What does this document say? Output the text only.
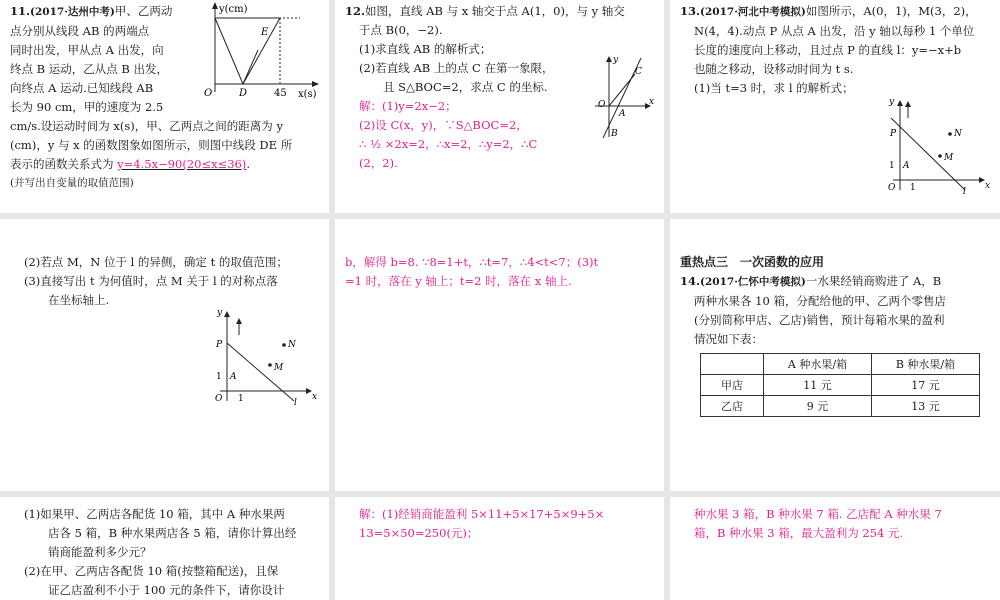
11.(2017·达州中考)甲、乙两动
点分别从线段 AB 的两端点
同时出发，甲从点 A 出发，向
终点 B 运动，乙从点 B 出发，
向终点 A 运动.已知线段 AB
长为 90 cm，甲的速度为 2.5
cm/s.设运动时间为 x(s)，甲、乙两点之间的距离为 y
(cm)，y 与 x 的函数图象如图所示，则图中线段 DE 所
表示的函数关系式为 y=4.5x−90(20≤x≤36).
(并写出自变量的取值范围)
y(cm)
x(s)
O	D
E
45
12.如图，直线 AB 与 x 轴交于点 A(1，0)，与 y 轴交
于点 B(0，−2).
(1)求直线 AB 的解析式；
(2)若直线 AB 上的点 C 在第一象限，
且 S△BOC=2，求点 C 的坐标.
解：(1)y=2x−2；
(2)设 C(x，y)，∵S△BOC=2，
∴ ½ ×2x=2，∴x=2，∴y=2，∴C
(2，2).
y
x
O
A
B
C
13.(2017·河北中考模拟)如图所示，A(0，1)，M(3，2)，
N(4，4).动点 P 从点 A 出发，沿 y 轴以每秒 1 个单位
长度的速度向上移动，且过点 P 的直线 l：y=−x+b
也随之移动，设移动时间为 t s.
(1)当 t=3 时，求 l 的解析式；
y
x
O
P
A
M
N
l
1
1
(2)若点 M，N 位于 l 的异侧，确定 t 的取值范围；
(3)直接写出 t 为何值时，点 M 关于 l 的对称点落
在坐标轴上.
y
x
O
P
A
M
N
l
1
1
b，解得 b=8. ∵8=1+t，∴t=7，∴4<t<7；(3)t
=1 时，落在 y 轴上；t=2 时，落在 x 轴上.
重热点三　一次函数的应用
14.(2017·仁怀中考模拟)一水果经销商购进了 A，B
两种水果各 10 箱，分配给他的甲、乙两个零售店
(分别简称甲店、乙店)销售，预计每箱水果的盈利
情况如下表：
	A 种水果/箱	B 种水果/箱
甲店	11 元	17 元
乙店	9 元	13 元
(1)如果甲、乙两店各配货 10 箱，其中 A 种水果两
店各 5 箱，B 种水果两店各 5 箱，请你计算出经
销商能盈利多少元？
(2)在甲、乙两店各配货 10 箱(按整箱配送)，且保
证乙店盈利不小于 100 元的条件下，请你设计
解：(1)经销商能盈利 5×11+5×17+5×9+5×
13=5×50=250(元)；
种水果 3 箱，B 种水果 7 箱. 乙店配 A 种水果 7
箱，B 种水果 3 箱，最大盈利为 254 元.
